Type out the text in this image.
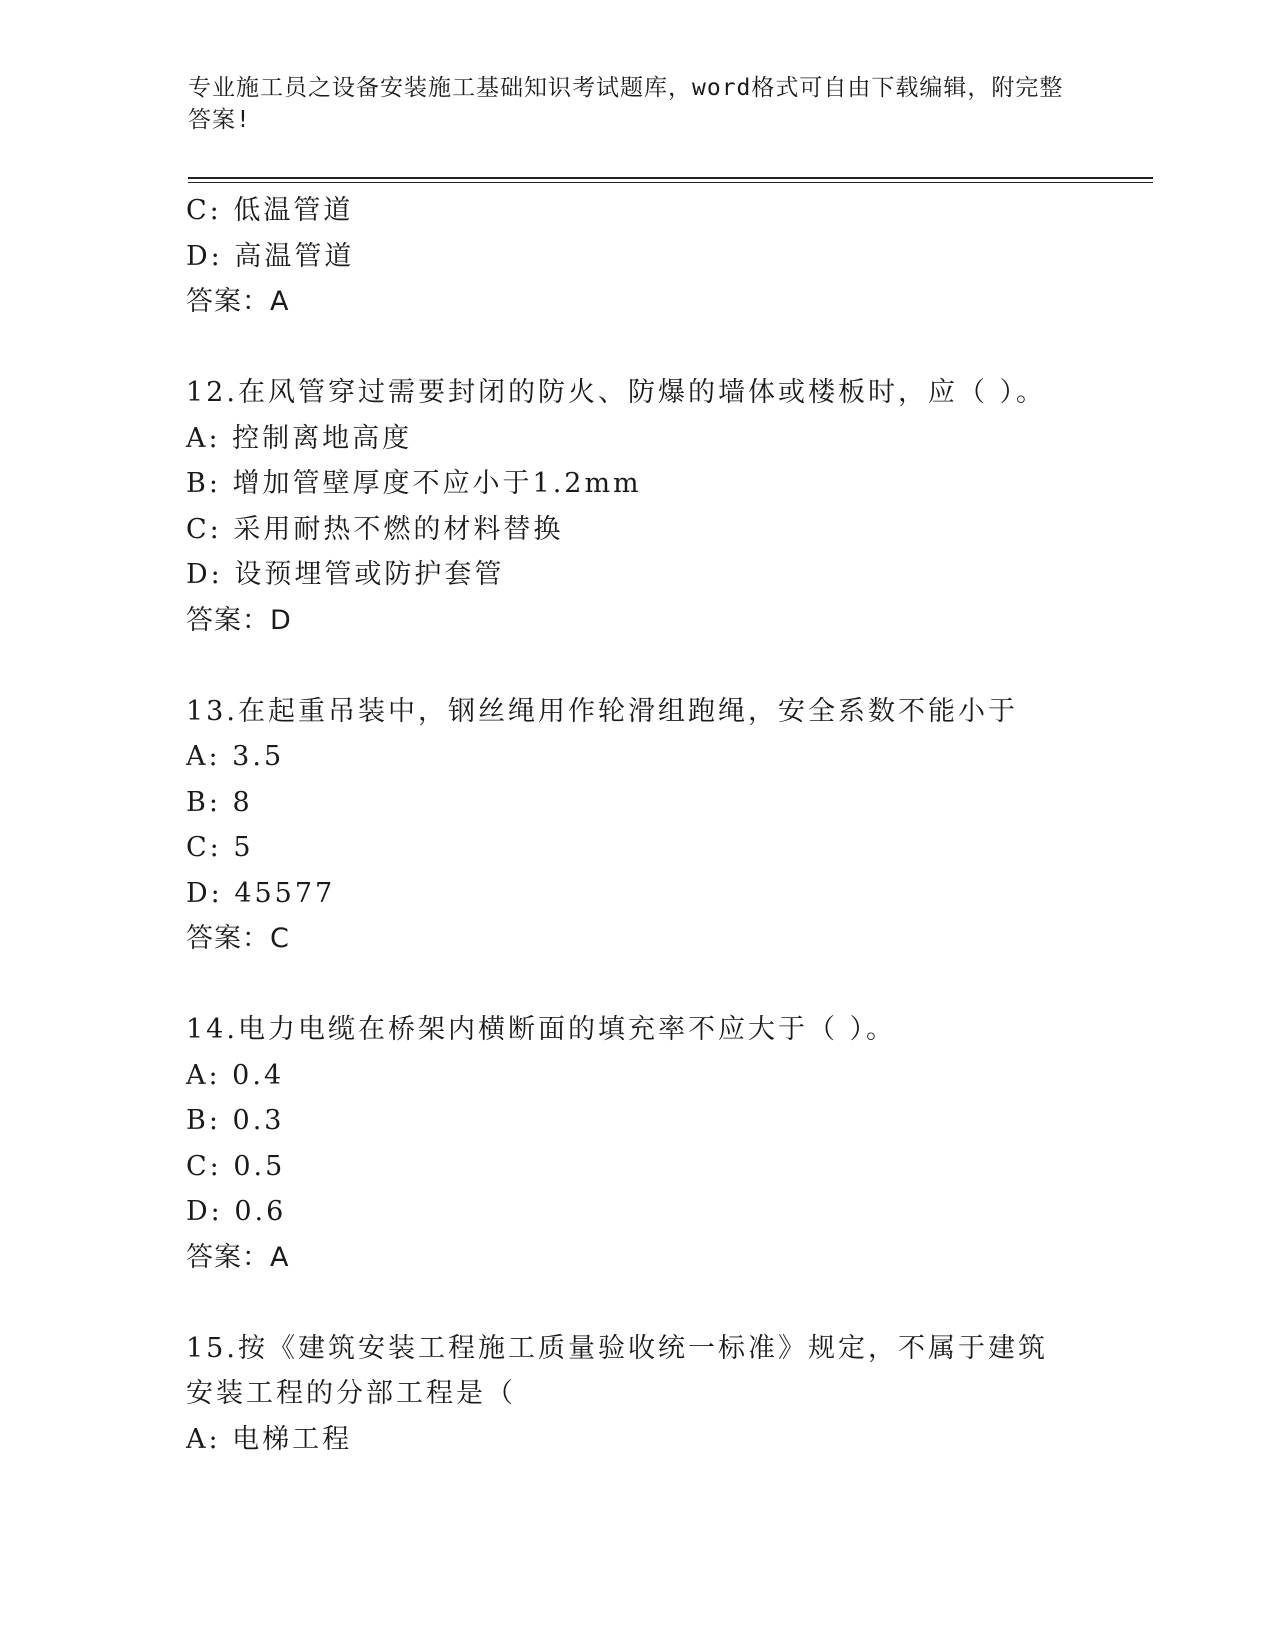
专业施工员之设备安装施工基础知识考试题库，word格式可自由下载编辑，附完整答案!
C: 低温管道
D: 高温管道
答案：A
12.在风管穿过需要封闭的防火、防爆的墙体或楼板时，应（ ）。
A: 控制离地高度
B: 增加管壁厚度不应小于1.2mm
C: 采用耐热不燃的材料替换
D: 设预埋管或防护套管
答案：D
13.在起重吊装中，钢丝绳用作轮滑组跑绳，安全系数不能小于
A: 3.5
B: 8
C: 5
D: 45577
答案：C
14.电力电缆在桥架内横断面的填充率不应大于（ ）。
A: 0.4
B: 0.3
C: 0.5
D: 0.6
答案：A
15.按《建筑安装工程施工质量验收统一标准》规定，不属于建筑安装工程的分部工程是（
A: 电梯工程
